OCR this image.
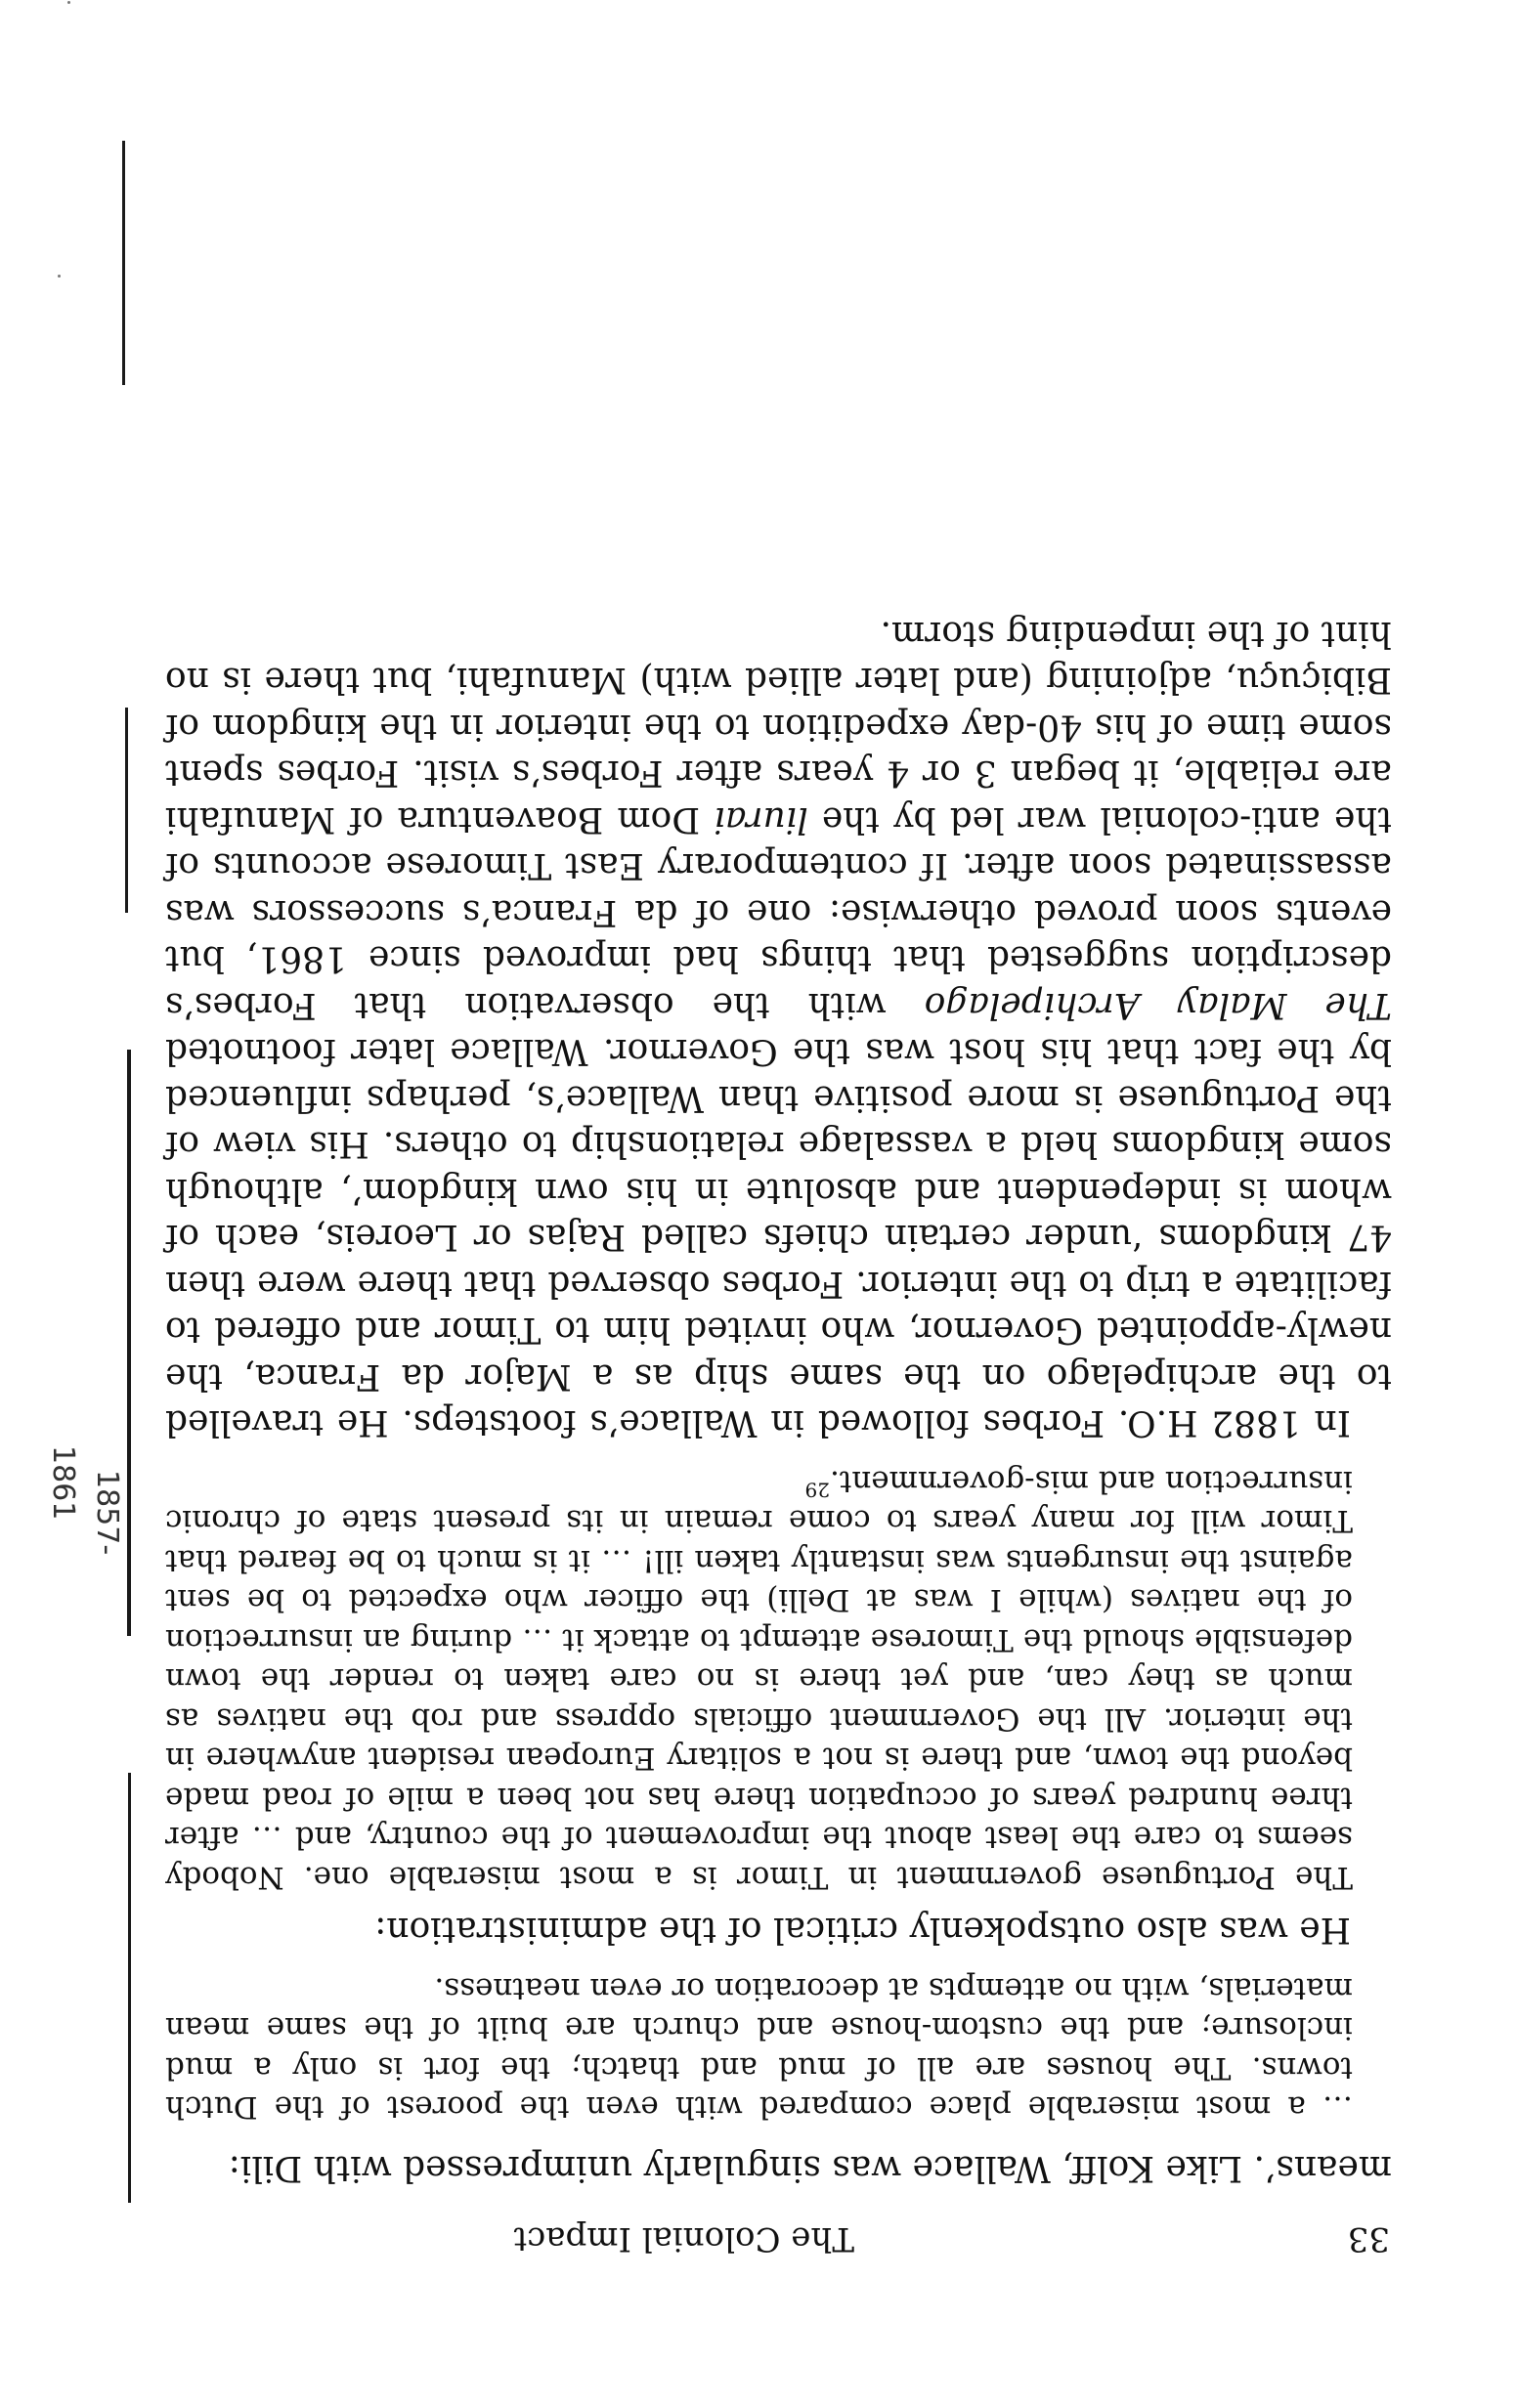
33
The Colonial Impact

means’. Like Kolff, Wallace was singularly unimpressed with Dili:

… a most miserable place compared with even the poorest of the Dutch towns. The houses are all of mud and thatch; the fort is only a mud inclosure; and the custom-house and church are built of the same mean materials, with no attempts at decoration or even neatness.

He was also outspokenly critical of the administration:

The Portuguese government in Timor is a most miserable one. Nobody seems to care the least about the improvement of the country, and … after three hundred years of occupation there has not been a mile of road made beyond the town, and there is not a solitary European resident anywhere in the interior. All the Government officials oppress and rob the natives as much as they can, and yet there is no care taken to render the town defensible should the Timorese attempt to attack it … during an insurrection of the natives (while I was at Delli) the officer who expected to be sent against the insurgents was instantly taken ill! … it is much to be feared that Timor will for many years to come remain in its present state of chronic insurrection and mis-government.$^{29}$

In 1882 H.O. Forbes followed in Wallace’s footsteps. He travelled to the archipelago on the same ship as a Major da Franca, the newly-appointed Governor, who invited him to Timor and offered to facilitate a trip to the interior. Forbes observed that there were then 47 kingdoms ‘under certain chiefs called Rajas or Leoreis, each of whom is independent and absolute in his own kingdom’, although some kingdoms held a vassalage relationship to others. His view of the Portuguese is more positive than Wallace’s, perhaps influenced by the fact that his host was the Governor. Wallace later footnoted The Malay Archipelago with the observation that Forbes’s description suggested that things had improved since 1861, but events soon proved otherwise: one of da Franca’s successors was assassinated soon after. If contemporary East Timorese accounts of the anti-colonial war led by the liurai Dom Boaventura of Manufahi are reliable, it began 3 or 4 years after Forbes’s visit. Forbes spent some time of his 40-day expedition to the interior in the kingdom of Bibiçuçu, adjoining (and later allied with) Manufahi, but there is no hint of the impending storm.

1857-
1861
